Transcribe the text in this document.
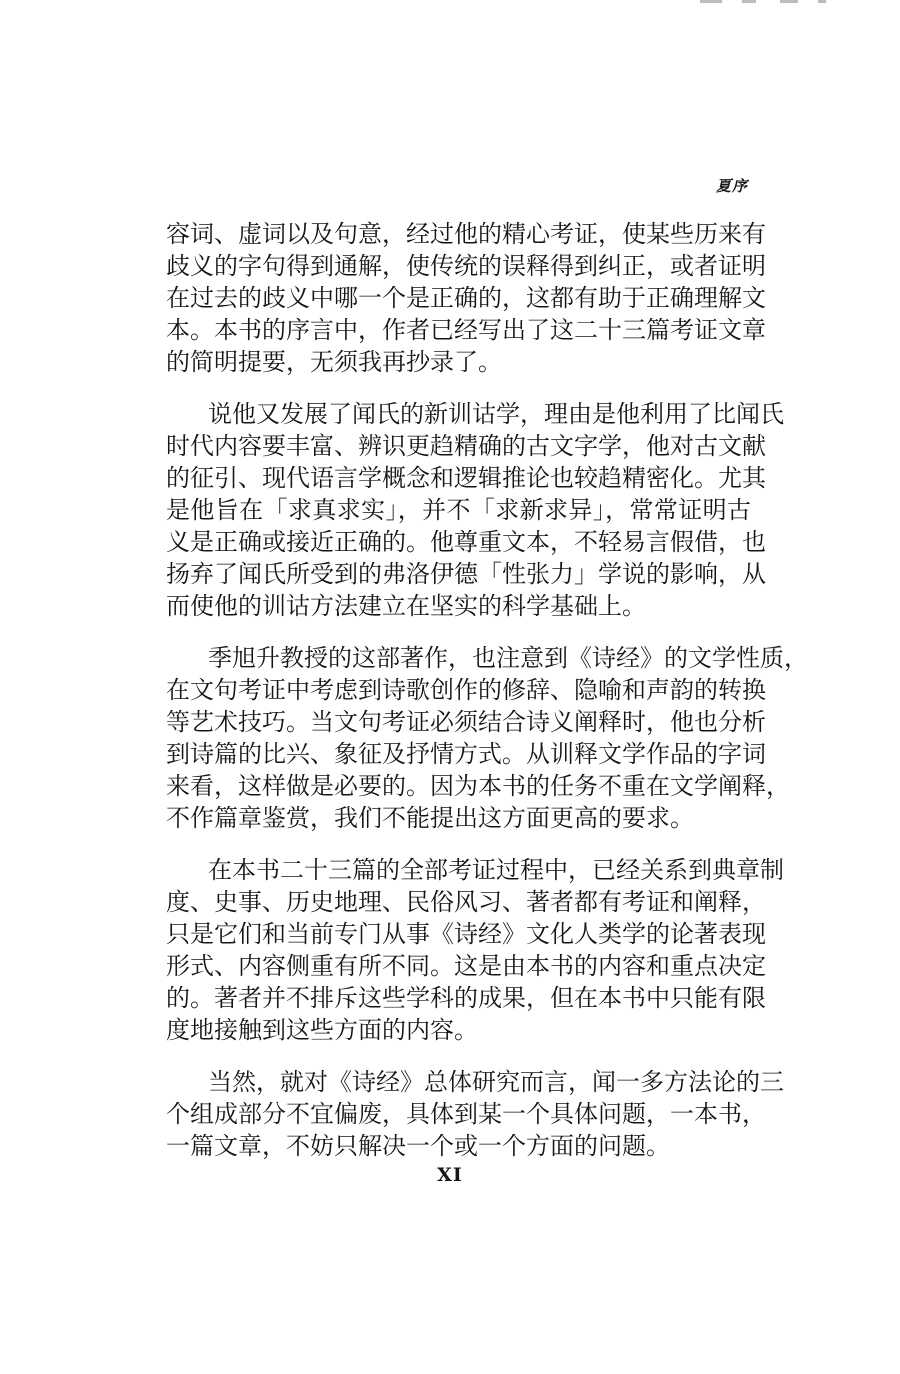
夏序
容词、虚词以及句意，经过他的精心考证，使某些历来有
歧义的字句得到通解，使传统的误释得到纠正，或者证明
在过去的歧义中哪一个是正确的，这都有助于正确理解文
本。本书的序言中，作者已经写出了这二十三篇考证文章
的简明提要，无须我再抄录了。
说他又发展了闻氏的新训诂学，理由是他利用了比闻氏
时代内容要丰富、辨识更趋精确的古文字学，他对古文献
的征引、现代语言学概念和逻辑推论也较趋精密化。尤其
是他旨在「求真求实」，并不「求新求异」，常常证明古
义是正确或接近正确的。他尊重文本，不轻易言假借，也
扬弃了闻氏所受到的弗洛伊德「性张力」学说的影响，从
而使他的训诂方法建立在坚实的科学基础上。
季旭升教授的这部著作，也注意到《诗经》的文学性质，
在文句考证中考虑到诗歌创作的修辞、隐喻和声韵的转换
等艺术技巧。当文句考证必须结合诗义阐释时，他也分析
到诗篇的比兴、象征及抒情方式。从训释文学作品的字词
来看，这样做是必要的。因为本书的任务不重在文学阐释，
不作篇章鉴赏，我们不能提出这方面更高的要求。
在本书二十三篇的全部考证过程中，已经关系到典章制
度、史事、历史地理、民俗风习、著者都有考证和阐释，
只是它们和当前专门从事《诗经》文化人类学的论著表现
形式、内容侧重有所不同。这是由本书的内容和重点决定
的。著者并不排斥这些学科的成果，但在本书中只能有限
度地接触到这些方面的内容。
当然，就对《诗经》总体研究而言，闻一多方法论的三
个组成部分不宜偏废，具体到某一个具体问题，一本书，
一篇文章，不妨只解决一个或一个方面的问题。
XI
